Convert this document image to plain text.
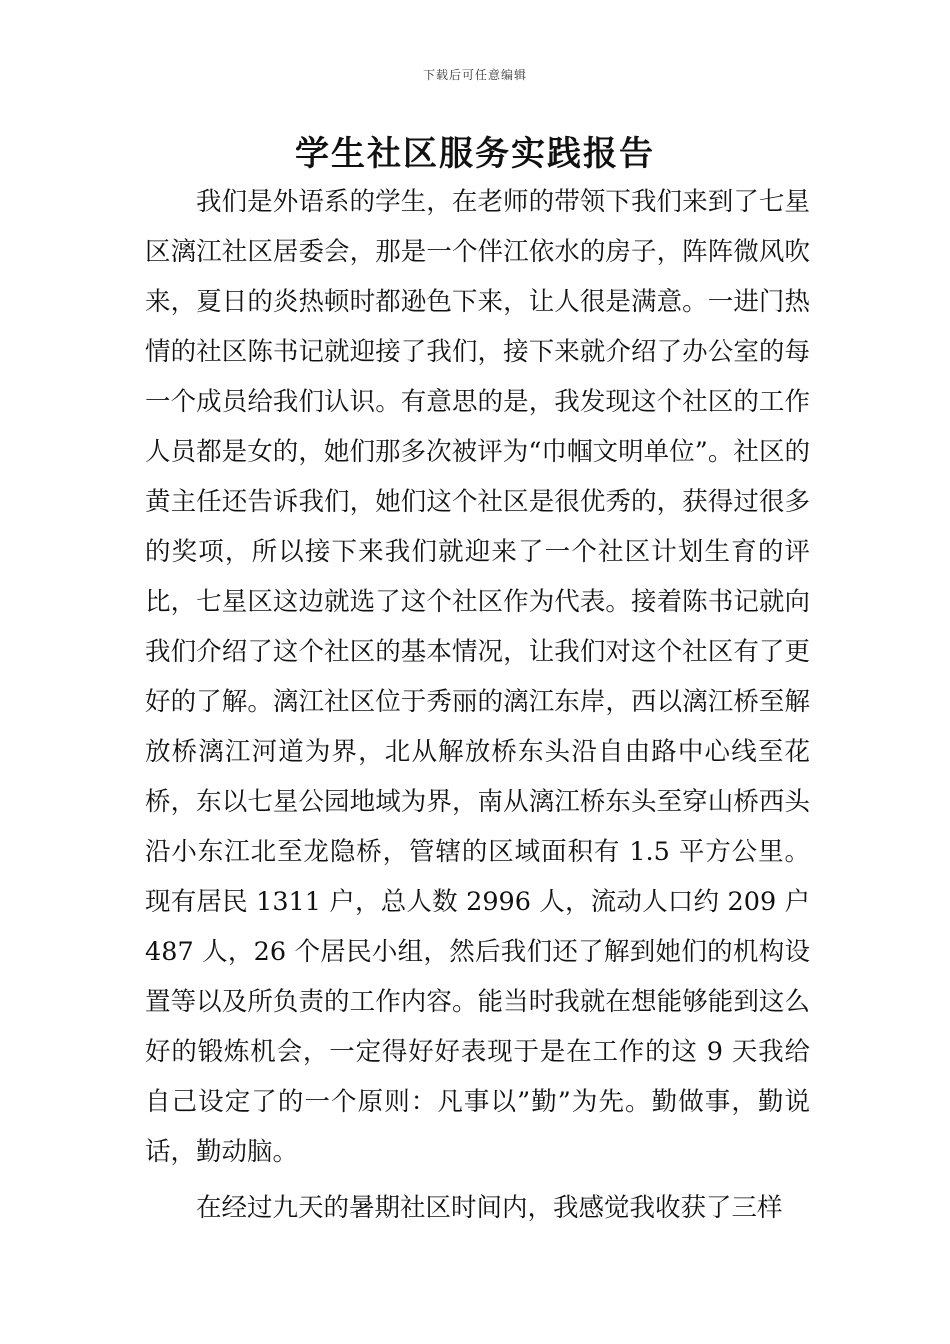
下载后可任意编辑
学生社区服务实践报告

我们是外语系的学生，在老师的带领下我们来到了七星区漓江社区居委会，那是一个伴江依水的房子，阵阵微风吹来，夏日的炎热顿时都逊色下来，让人很是满意。一进门热情的社区陈书记就迎接了我们，接下来就介绍了办公室的每一个成员给我们认识。有意思的是，我发现这个社区的工作人员都是女的，她们那多次被评为“巾帼文明单位”。社区的黄主任还告诉我们，她们这个社区是很优秀的，获得过很多的奖项，所以接下来我们就迎来了一个社区计划生育的评比，七星区这边就选了这个社区作为代表。接着陈书记就向我们介绍了这个社区的基本情况，让我们对这个社区有了更好的了解。漓江社区位于秀丽的漓江东岸，西以漓江桥至解放桥漓江河道为界，北从解放桥东头沿自由路中心线至花桥，东以七星公园地域为界，南从漓江桥东头至穿山桥西头沿小东江北至龙隐桥，管辖的区域面积有 1.5 平方公里。现有居民 1311 户，总人数 2996 人，流动人口约 209 户 487 人，26 个居民小组，然后我们还了解到她们的机构设置等以及所负责的工作内容。能当时我就在想能够能到这么好的锻炼机会，一定得好好表现于是在工作的这 9 天我给自己设定了的一个原则：凡事以”勤”为先。勤做事，勤说话，勤动脑。

在经过九天的暑期社区时间内，我感觉我收获了三样
